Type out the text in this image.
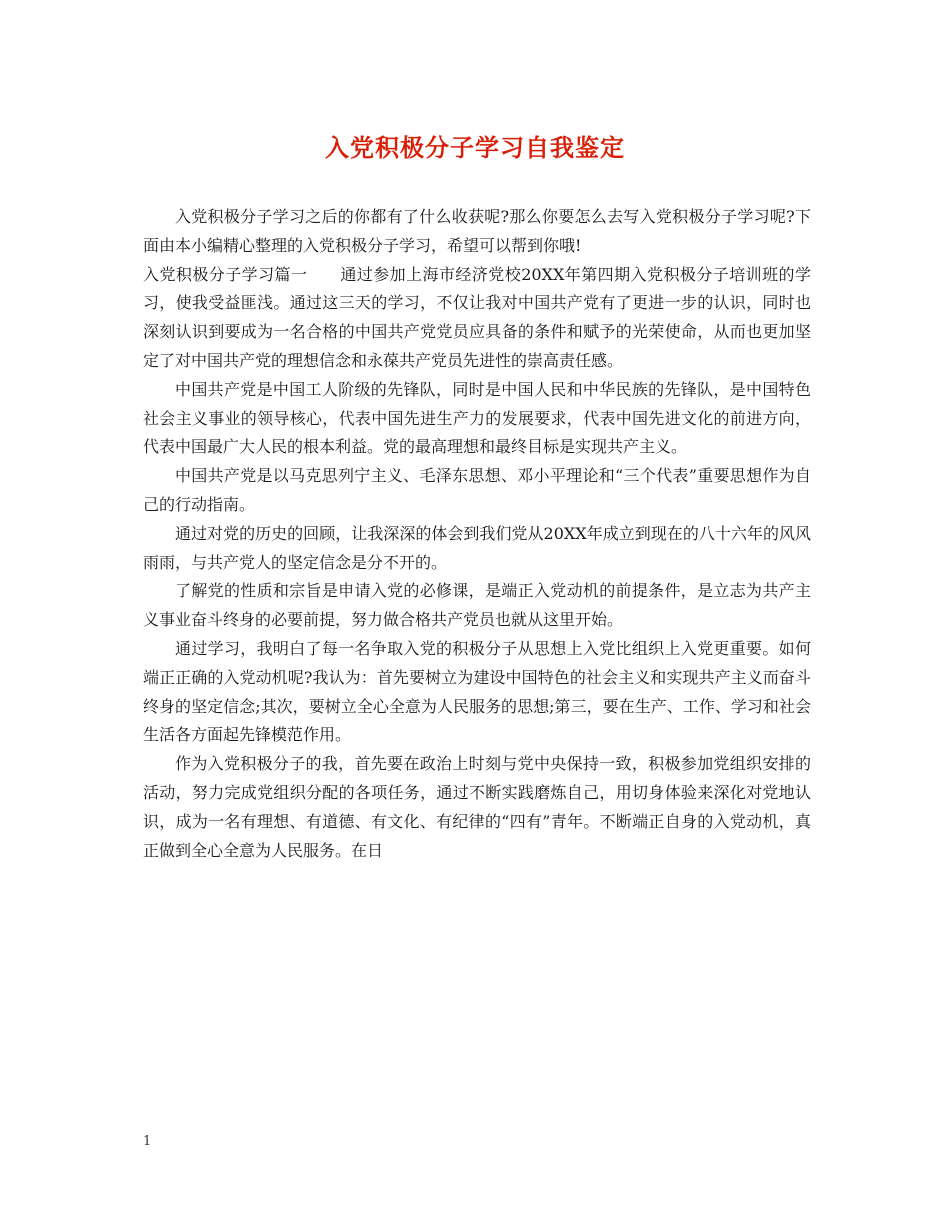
入党积极分子学习自我鉴定

入党积极分子学习之后的你都有了什么收获呢?那么你要怎么去写入党积极分子学习呢?下面由本小编精心整理的入党积极分子学习，希望可以帮到你哦!

入党积极分子学习篇一　　通过参加上海市经济党校20XX年第四期入党积极分子培训班的学习，使我受益匪浅。通过这三天的学习，不仅让我对中国共产党有了更进一步的认识，同时也深刻认识到要成为一名合格的中国共产党党员应具备的条件和赋予的光荣使命，从而也更加坚定了对中国共产党的理想信念和永葆共产党员先进性的崇高责任感。

中国共产党是中国工人阶级的先锋队，同时是中国人民和中华民族的先锋队，是中国特色社会主义事业的领导核心，代表中国先进生产力的发展要求，代表中国先进文化的前进方向，代表中国最广大人民的根本利益。党的最高理想和最终目标是实现共产主义。

中国共产党是以马克思列宁主义、毛泽东思想、邓小平理论和“三个代表”重要思想作为自己的行动指南。

通过对党的历史的回顾，让我深深的体会到我们党从20XX年成立到现在的八十六年的风风雨雨，与共产党人的坚定信念是分不开的。

了解党的性质和宗旨是申请入党的必修课，是端正入党动机的前提条件，是立志为共产主义事业奋斗终身的必要前提，努力做合格共产党员也就从这里开始。

通过学习，我明白了每一名争取入党的积极分子从思想上入党比组织上入党更重要。如何端正正确的入党动机呢?我认为：首先要树立为建设中国特色的社会主义和实现共产主义而奋斗终身的坚定信念;其次，要树立全心全意为人民服务的思想;第三，要在生产、工作、学习和社会生活各方面起先锋模范作用。

作为入党积极分子的我，首先要在政治上时刻与党中央保持一致，积极参加党组织安排的活动，努力完成党组织分配的各项任务，通过不断实践磨炼自己，用切身体验来深化对党地认识，成为一名有理想、有道德、有文化、有纪律的“四有”青年。不断端正自身的入党动机，真正做到全心全意为人民服务。在日

1
